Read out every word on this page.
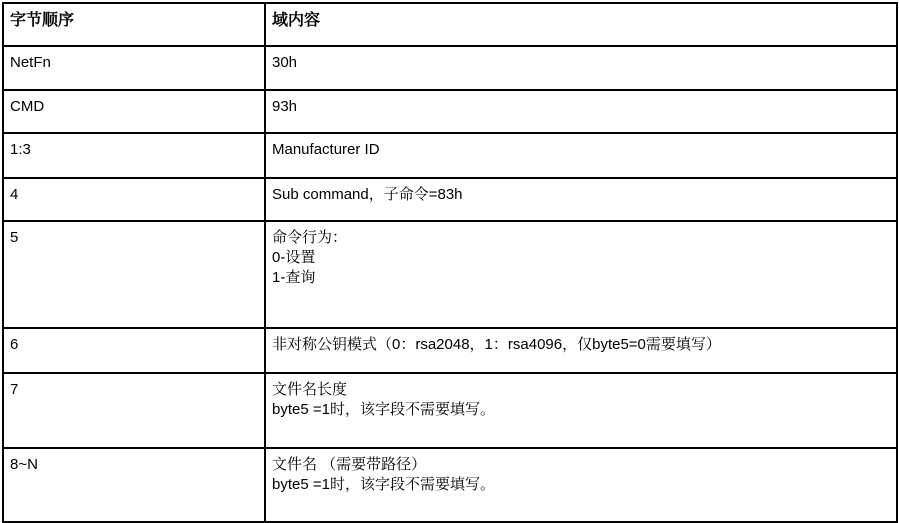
字节顺序	域内容
NetFn	30h

CMD	93h

1:3	Manufacturer ID

4	Sub command，子命令=83h

5	命令行为：
0-设置
1-查询

6	非对称公钥模式（0：rsa2048，1：rsa4096，仅byte5=0需要填写）

7	文件名长度
byte5 =1时，该字段不需要填写。

8~N	文件名 （需要带路径）
byte5 =1时，该字段不需要填写。
